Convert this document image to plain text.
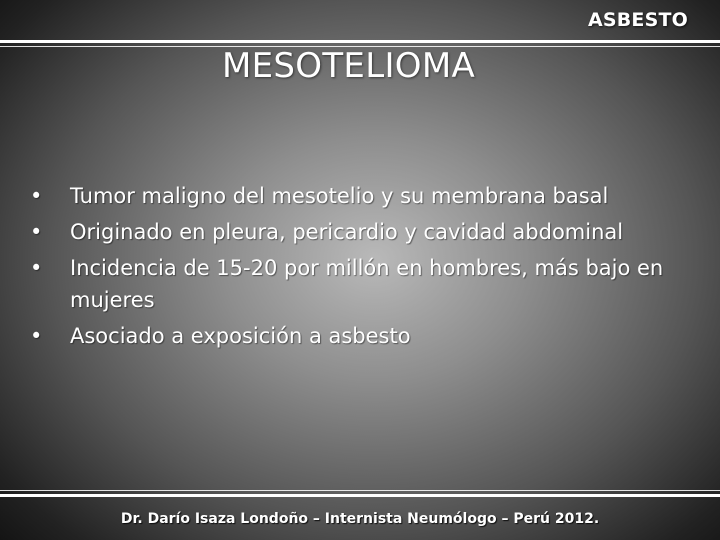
ASBESTO
MESOTELIOMA
•	Tumor maligno del mesotelio y su membrana basal
•	Originado en pleura, pericardio y cavidad abdominal
•	Incidencia de 15-20 por millón en hombres, más bajo en mujeres
•	Asociado a exposición a asbesto
Dr. Darío Isaza Londoño – Internista Neumólogo – Perú 2012.
